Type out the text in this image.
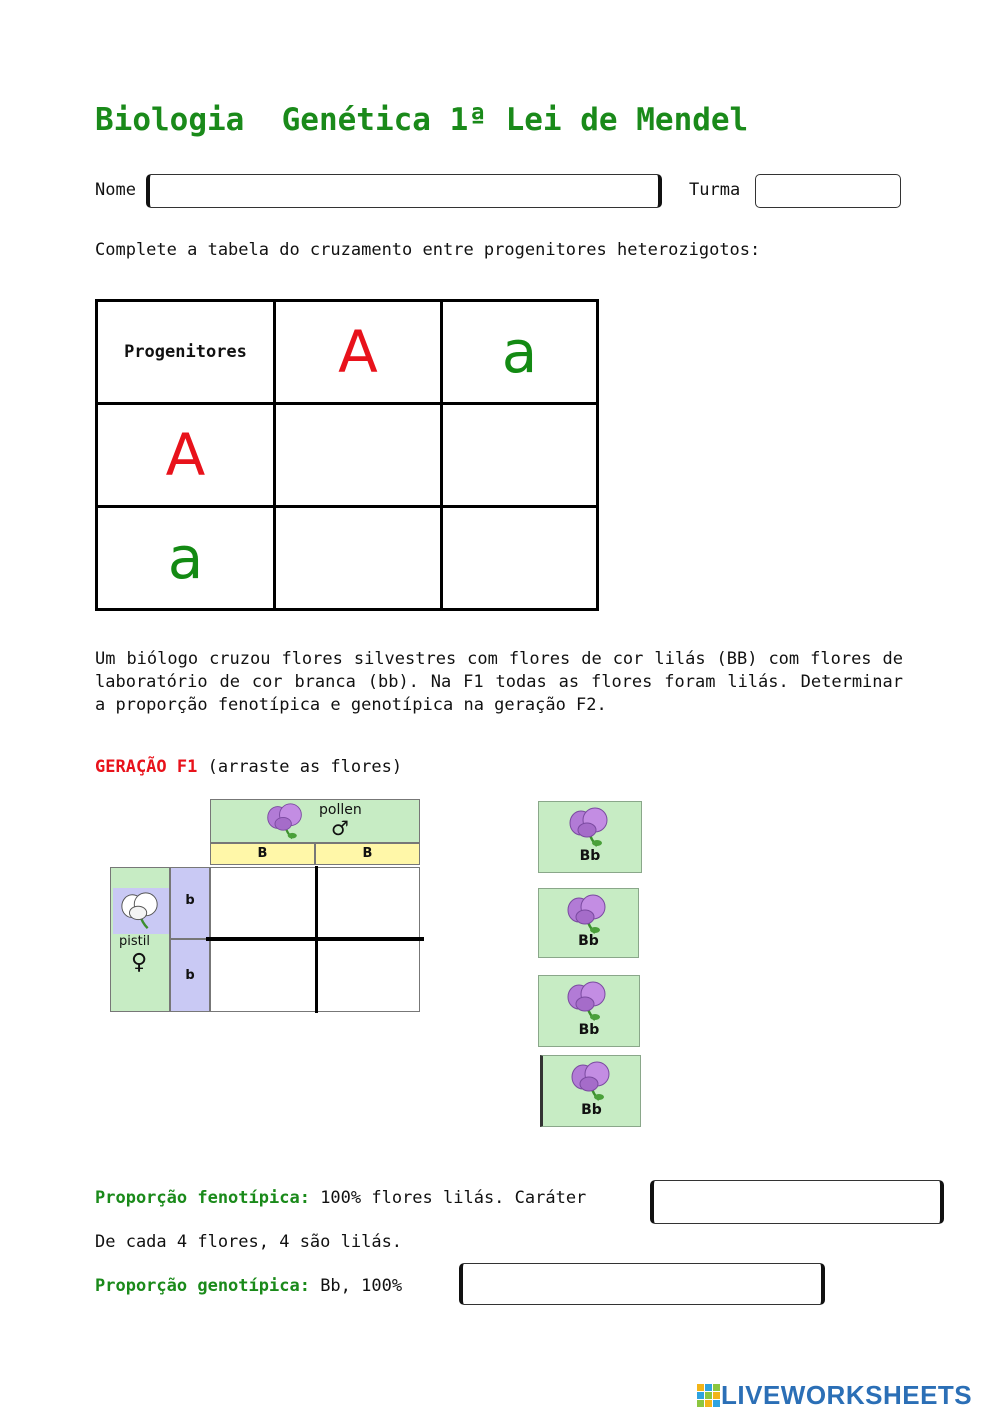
Biologia  Genética 1ª Lei de Mendel
Nome	Turma
Complete a tabela do cruzamento entre progenitores heterozigotos:
Progenitores	A	a
A		
a		
Um biólogo cruzou flores silvestres com flores de cor lilás (BB) com flores de laboratório de cor branca (bb). Na F1 todas as flores foram lilás. Determinar a proporção fenotípica e genotípica na geração F2.
GERAÇÃO F1 (arraste as flores)
pollen
♂
B	B
pistil
♀
b
b
Bb
Bb
Bb
Bb
Proporção fenotípica: 100% flores lilás. Caráter
De cada 4 flores, 4 são lilás.
Proporção genotípica: Bb, 100%
LIVEWORKSHEETS
